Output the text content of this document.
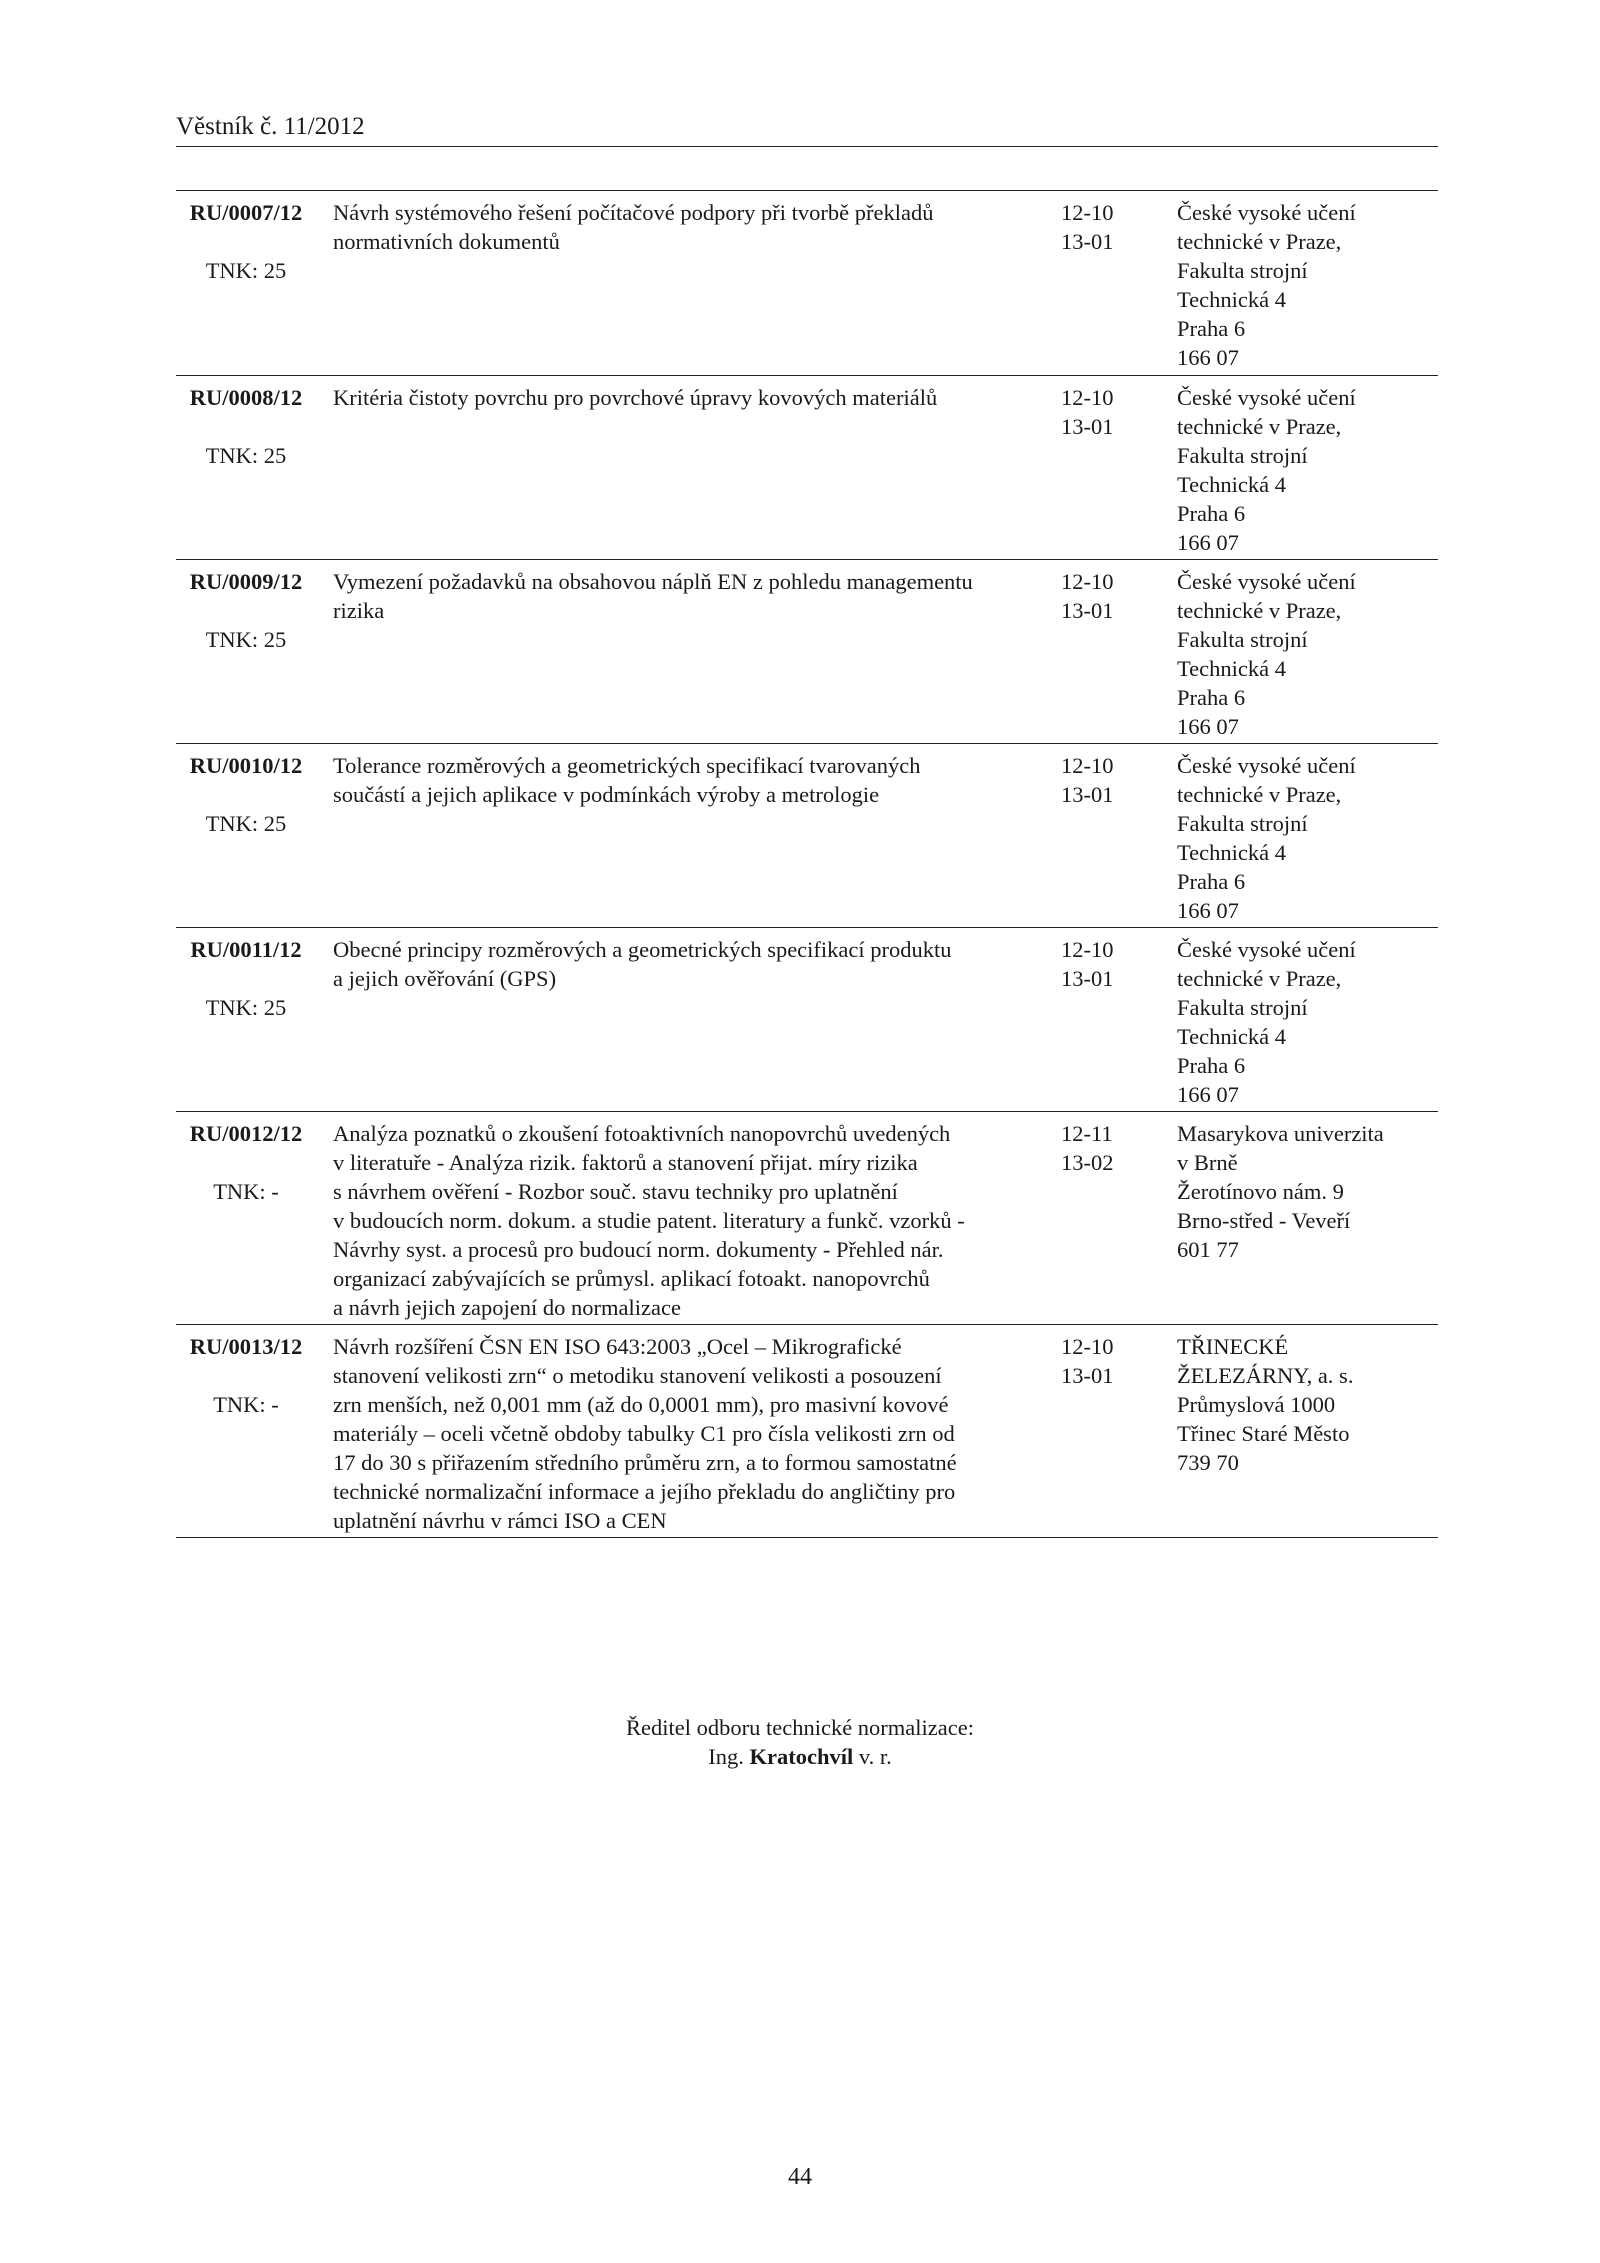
Věstník č. 11/2012
RU/0007/12
TNK: 25
Návrh systémového řešení počítačové podpory při tvorbě překladů
normativních dokumentů
12-10
13-01
České vysoké učení
technické v Praze,
Fakulta strojní
Technická 4
Praha 6
166 07
RU/0008/12
TNK: 25
Kritéria čistoty povrchu pro povrchové úpravy kovových materiálů	12-10
13-01
České vysoké učení
technické v Praze,
Fakulta strojní
Technická 4
Praha 6
166 07
RU/0009/12
TNK: 25
Vymezení požadavků na obsahovou náplň EN z pohledu managementu
rizika
12-10
13-01
České vysoké učení
technické v Praze,
Fakulta strojní
Technická 4
Praha 6
166 07
RU/0010/12
TNK: 25
Tolerance rozměrových a geometrických specifikací tvarovaných
součástí a jejich aplikace v podmínkách výroby a metrologie
12-10
13-01
České vysoké učení
technické v Praze,
Fakulta strojní
Technická 4
Praha 6
166 07
RU/0011/12
TNK: 25
Obecné principy rozměrových a geometrických specifikací produktu
a jejich ověřování (GPS)
12-10
13-01
České vysoké učení
technické v Praze,
Fakulta strojní
Technická 4
Praha 6
166 07
RU/0012/12
TNK: -
Analýza poznatků o zkoušení fotoaktivních nanopovrchů uvedených
v literatuře - Analýza rizik. faktorů a stanovení přijat. míry rizika
s návrhem ověření - Rozbor souč. stavu techniky pro uplatnění
v budoucích norm. dokum. a studie patent. literatury a funkč. vzorků -
Návrhy syst. a procesů pro budoucí norm. dokumenty - Přehled nár.
organizací zabývajících se průmysl. aplikací fotoakt. nanopovrchů
a návrh jejich zapojení do normalizace
12-11
13-02
Masarykova univerzita
v Brně
Žerotínovo nám. 9
Brno-střed - Veveří
601 77
RU/0013/12
TNK: -
Návrh rozšíření ČSN EN ISO 643:2003 „Ocel – Mikrografické
stanovení velikosti zrn“ o metodiku stanovení velikosti a posouzení
zrn menších, než 0,001 mm (až do 0,0001 mm), pro masivní kovové
materiály – oceli včetně obdoby tabulky C1 pro čísla velikosti zrn od
17 do 30 s přiřazením středního průměru zrn, a to formou samostatné
technické normalizační informace a jejího překladu do angličtiny pro
uplatnění návrhu v rámci ISO a CEN
12-10
13-01
TŘINECKÉ
ŽELEZÁRNY, a. s.
Průmyslová 1000
Třinec Staré Město
739 70
Ředitel odboru technické normalizace:
Ing. Kratochvíl v. r.
44
